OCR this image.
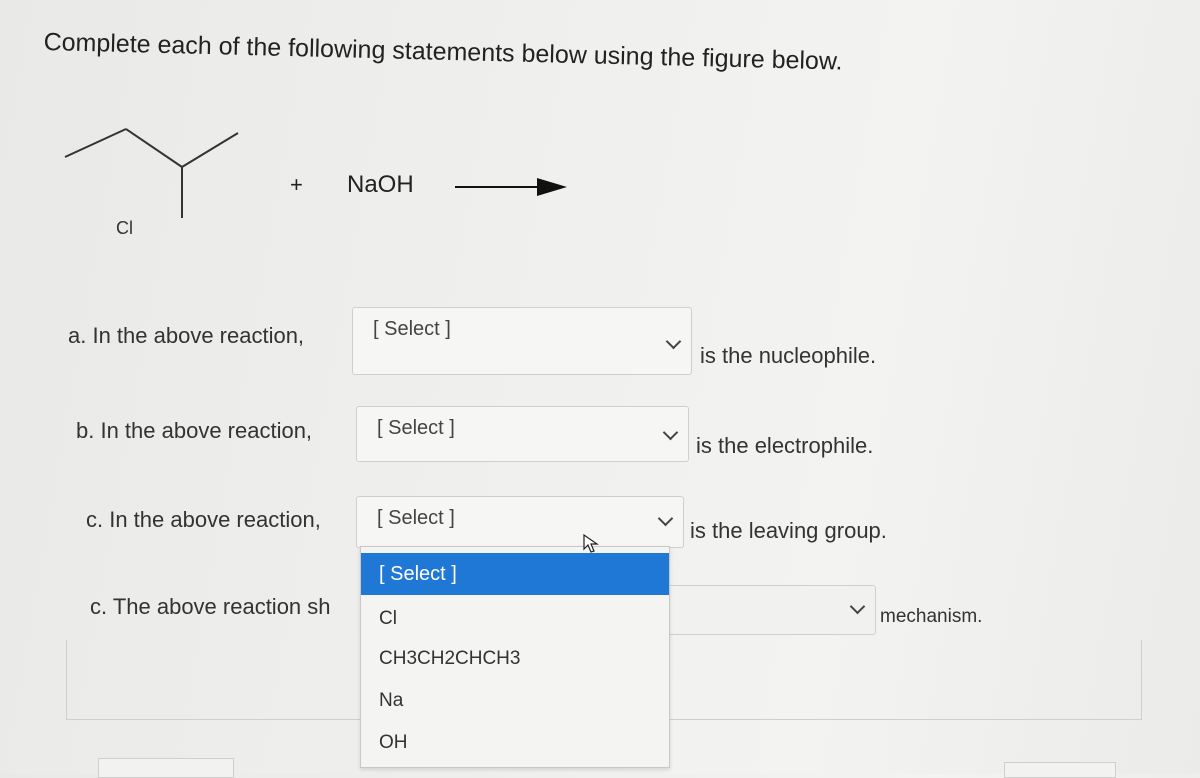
Complete each of the following statements below using the figure below.
Cl
+ NaOH
a. In the above reaction,	[ Select ]
is the nucleophile.
b. In the above reaction,	[ Select ]
is the electrophile.
c. In the above reaction,	[ Select ]	is the leaving group.
c. The above reaction sh	mechanism.
[ Select ]
Cl
CH3CH2CHCH3
Na
OH
